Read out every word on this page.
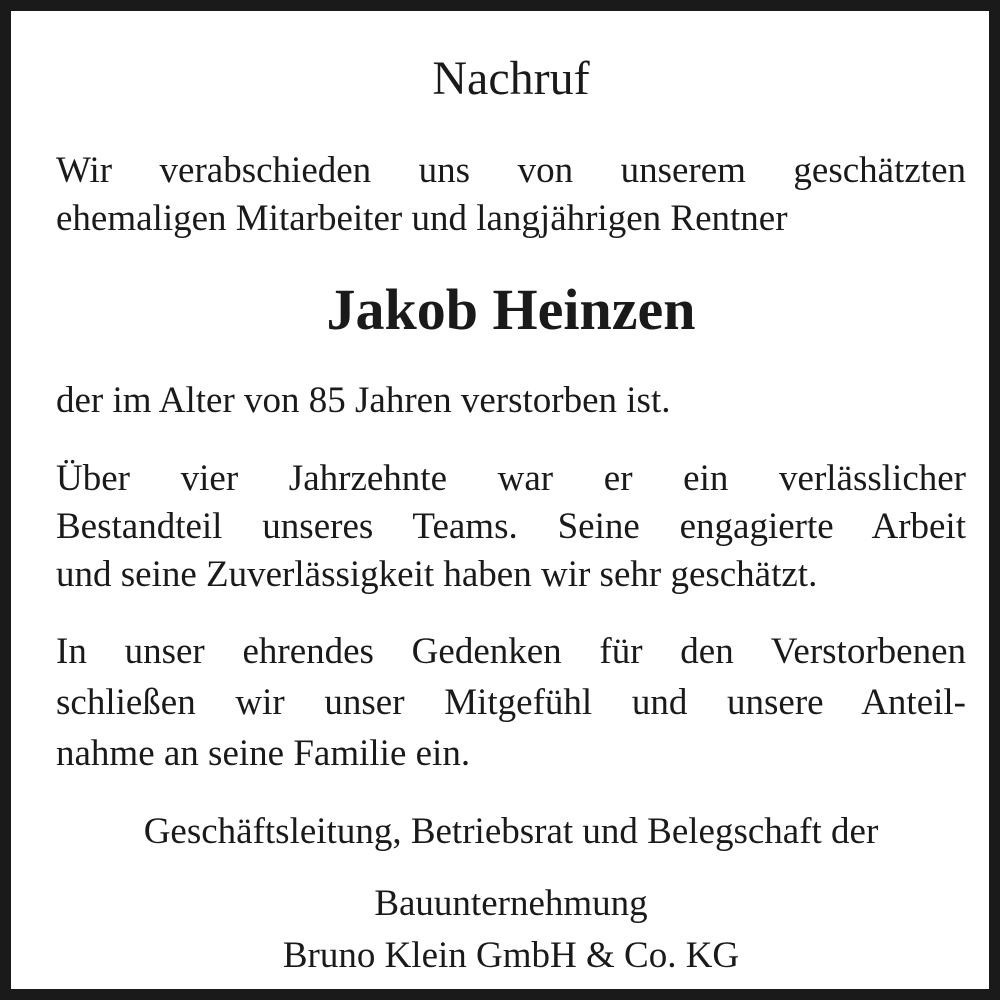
Nachruf
Wir verabschieden uns von unserem geschätzten
ehemaligen Mitarbeiter und langjährigen Rentner
Jakob Heinzen
der im Alter von 85 Jahren verstorben ist.
Über vier Jahrzehnte war er ein verlässlicher
Bestandteil unseres Teams. Seine engagierte Arbeit
und seine Zuverlässigkeit haben wir sehr geschätzt.
In unser ehrendes Gedenken für den Verstorbenen
schließen wir unser Mitgefühl und unsere Anteil-
nahme an seine Familie ein.
Geschäftsleitung, Betriebsrat und Belegschaft der
Bauunternehmung
Bruno Klein GmbH & Co. KG
